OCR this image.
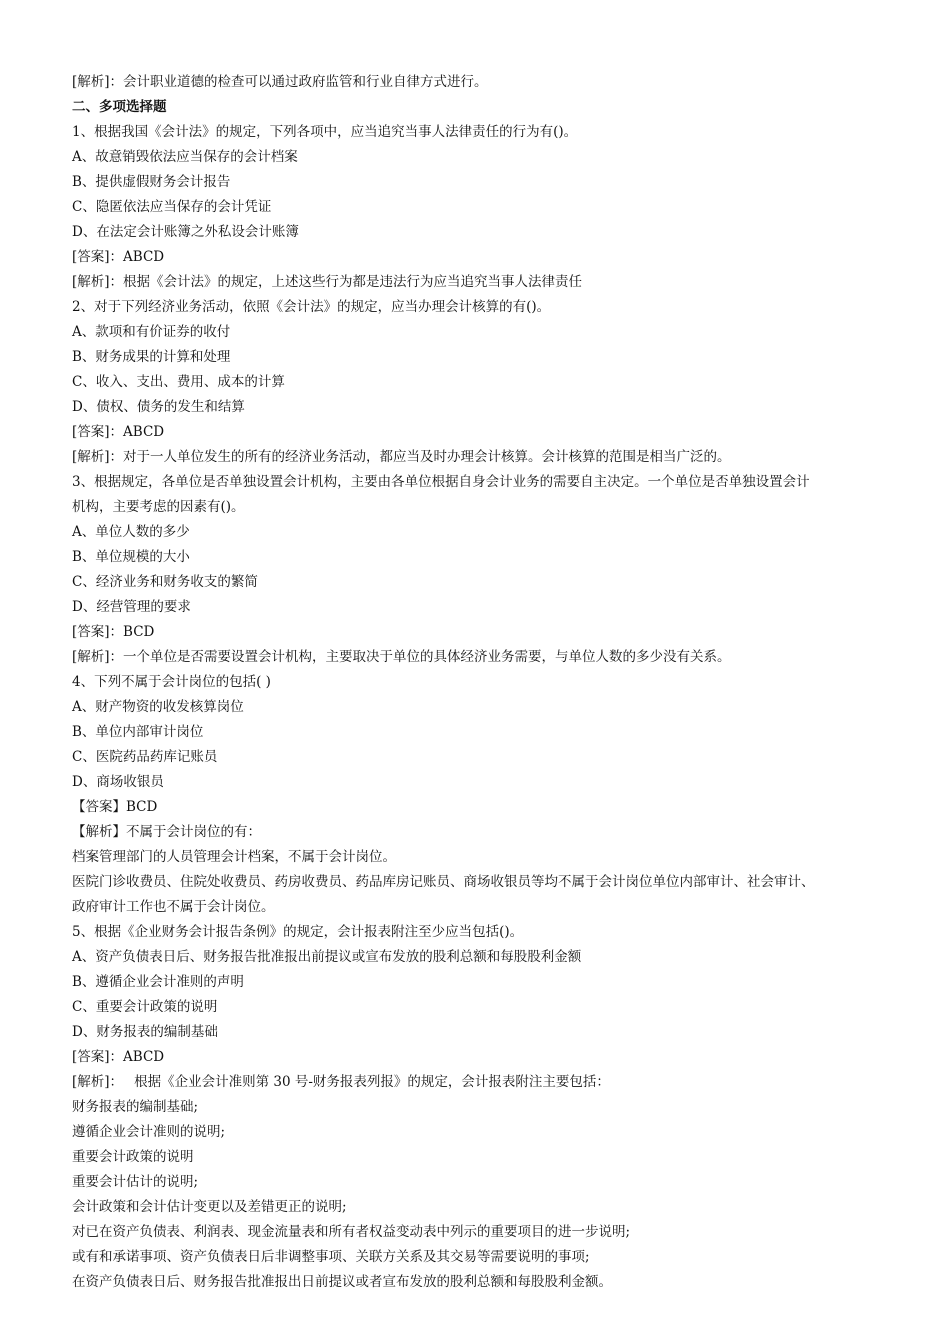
[解析]：会计职业道德的检查可以通过政府监管和行业自律方式进行。
二、多项选择题
1、根据我国《会计法》的规定，下列各项中，应当追究当事人法律责任的行为有()。
A、故意销毁依法应当保存的会计档案
B、提供虚假财务会计报告
C、隐匿依法应当保存的会计凭证
D、在法定会计账簿之外私设会计账簿
[答案]：ABCD
[解析]：根据《会计法》的规定，上述这些行为都是违法行为应当追究当事人法律责任
2、对于下列经济业务活动，依照《会计法》的规定，应当办理会计核算的有()。
A、款项和有价证券的收付
B、财务成果的计算和处理
C、收入、支出、费用、成本的计算
D、债权、债务的发生和结算
[答案]：ABCD
[解析]：对于一人单位发生的所有的经济业务活动，都应当及时办理会计核算。会计核算的范围是相当广泛的。
3、根据规定，各单位是否单独设置会计机构，主要由各单位根据自身会计业务的需要自主决定。一个单位是否单独设置会计
机构，主要考虑的因素有()。
A、单位人数的多少
B、单位规模的大小
C、经济业务和财务收支的繁简
D、经营管理的要求
[答案]：BCD
[解析]：一个单位是否需要设置会计机构，主要取决于单位的具体经济业务需要，与单位人数的多少没有关系。
4、下列不属于会计岗位的包括( )
A、财产物资的收发核算岗位
B、单位内部审计岗位
C、医院药品药库记账员
D、商场收银员
【答案】BCD
【解析】不属于会计岗位的有：
档案管理部门的人员管理会计档案，不属于会计岗位。
医院门诊收费员、住院处收费员、药房收费员、药品库房记账员、商场收银员等均不属于会计岗位单位内部审计、社会审计、
政府审计工作也不属于会计岗位。
5、根据《企业财务会计报告条例》的规定，会计报表附注至少应当包括()。
A、资产负债表日后、财务报告批准报出前提议或宣布发放的股利总额和每股股利金额
B、遵循企业会计准则的声明
C、重要会计政策的说明
D、财务报表的编制基础
[答案]：ABCD
[解析]：　 根据《企业会计准则第 30 号-财务报表列报》的规定，会计报表附注主要包括：
财务报表的编制基础;
遵循企业会计准则的说明;
重要会计政策的说明
重要会计估计的说明;
会计政策和会计估计变更以及差错更正的说明;
对已在资产负债表、利润表、现金流量表和所有者权益变动表中列示的重要项目的进一步说明;
或有和承诺事项、资产负债表日后非调整事项、关联方关系及其交易等需要说明的事项;
在资产负债表日后、财务报告批准报出日前提议或者宣布发放的股利总额和每股股利金额。
